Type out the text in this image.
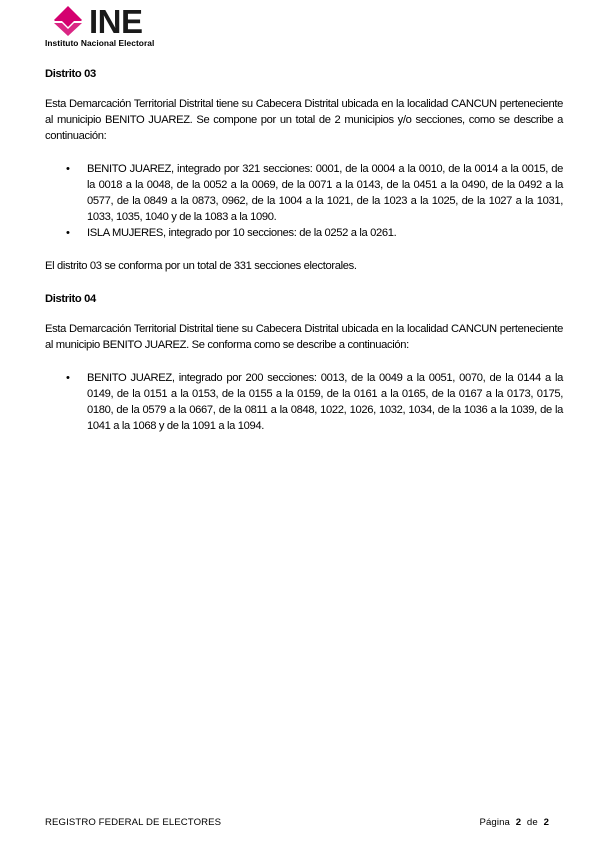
INE
Instituto Nacional Electoral
Distrito 03

Esta Demarcación Territorial Distrital tiene su Cabecera Distrital ubicada en la localidad CANCUN perteneciente al municipio BENITO JUAREZ. Se compone por un total de 2 municipios y/o secciones, como se describe a continuación:

• BENITO JUAREZ, integrado por 321 secciones: 0001, de la 0004 a la 0010, de la 0014 a la 0015, de la 0018 a la 0048, de la 0052 a la 0069, de la 0071 a la 0143, de la 0451 a la 0490, de la 0492 a la 0577, de la 0849 a la 0873, 0962, de la 1004 a la 1021, de la 1023 a la 1025, de la 1027 a la 1031, 1033, 1035, 1040 y de la 1083 a la 1090.
• ISLA MUJERES, integrado por 10 secciones: de la 0252 a la 0261.

El distrito 03 se conforma por un total de 331 secciones electorales.

Distrito 04

Esta Demarcación Territorial Distrital tiene su Cabecera Distrital ubicada en la localidad CANCUN perteneciente al municipio BENITO JUAREZ. Se conforma como se describe a continuación:

• BENITO JUAREZ, integrado por 200 secciones: 0013, de la 0049 a la 0051, 0070, de la 0144 a la 0149, de la 0151 a la 0153, de la 0155 a la 0159, de la 0161 a la 0165, de la 0167 a la 0173, 0175, 0180, de la 0579 a la 0667, de la 0811 a la 0848, 1022, 1026, 1032, 1034, de la 1036 a la 1039, de la 1041 a la 1068 y de la 1091 a la 1094.
REGISTRO FEDERAL DE ELECTORES	Página 2 de 2
